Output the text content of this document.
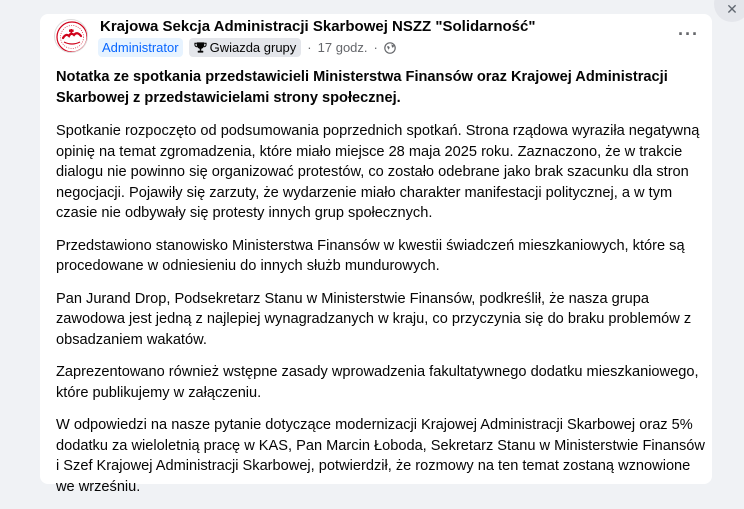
✕
Krajowa Sekcja Administracji Skarbowej NSZZ "Solidarność"
Administrator	Gwiazda grupy · 17 godz. ·
···

Notatka ze spotkania przedstawicieli Ministerstwa Finansów oraz Krajowej Administracji Skarbowej z przedstawicielami strony społecznej.

Spotkanie rozpoczęto od podsumowania poprzednich spotkań. Strona rządowa wyraziła negatywną opinię na temat zgromadzenia, które miało miejsce 28 maja 2025 roku. Zaznaczono, że w trakcie dialogu nie powinno się organizować protestów, co zostało odebrane jako brak szacunku dla stron negocjacji. Pojawiły się zarzuty, że wydarzenie miało charakter manifestacji politycznej, a w tym czasie nie odbywały się protesty innych grup społecznych.

Przedstawiono stanowisko Ministerstwa Finansów w kwestii świadczeń mieszkaniowych, które są procedowane w odniesieniu do innych służb mundurowych.

Pan Jurand Drop, Podsekretarz Stanu w Ministerstwie Finansów, podkreślił, że nasza grupa zawodowa jest jedną z najlepiej wynagradzanych w kraju, co przyczynia się do braku problemów z obsadzaniem wakatów.

Zaprezentowano również wstępne zasady wprowadzenia fakultatywnego dodatku mieszkaniowego, które publikujemy w załączeniu.

W odpowiedzi na nasze pytanie dotyczące modernizacji Krajowej Administracji Skarbowej oraz 5% dodatku za wieloletnią pracę w KAS, Pan Marcin Łoboda, Sekretarz Stanu w Ministerstwie Finansów i Szef Krajowej Administracji Skarbowej, potwierdził, że rozmowy na ten temat zostaną wznowione we wrześniu.
